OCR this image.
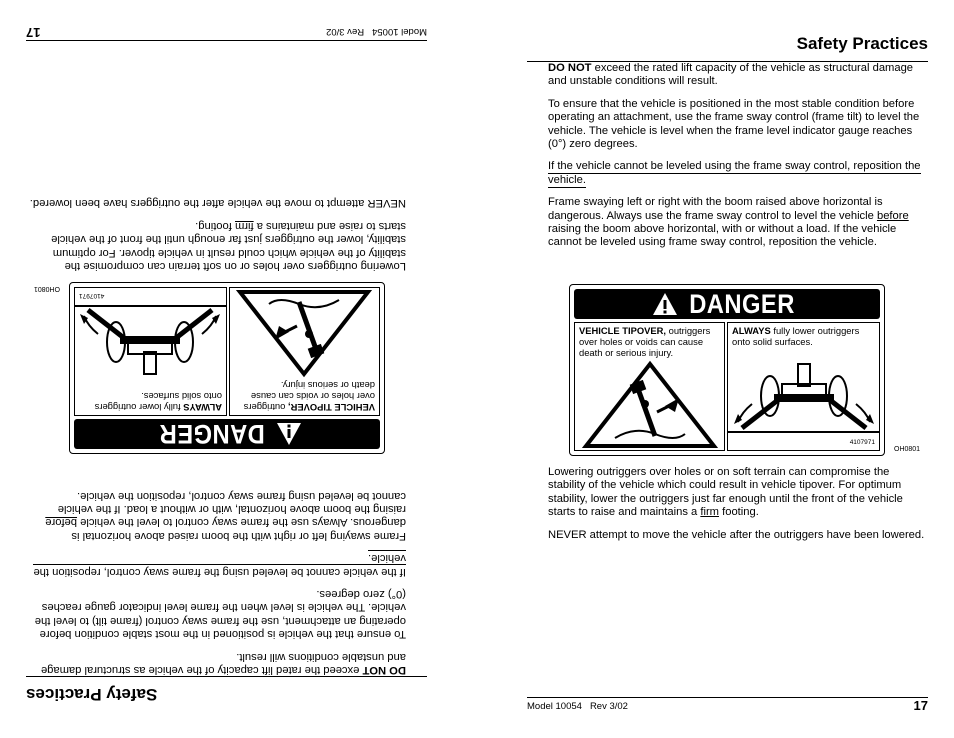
Safety Practices

DO NOT exceed the rated lift capacity of the vehicle as structural damage and unstable conditions will result.

To ensure that the vehicle is positioned in the most stable condition before operating an attachment, use the frame sway control (frame tilt) to level the vehicle. The vehicle is level when the frame level indicator gauge reaches (0°) zero degrees.

If the vehicle cannot be leveled using the frame sway control, reposition the vehicle.

Frame swaying left or right with the boom raised above horizontal is dangerous. Always use the frame sway control to level the vehicle before raising the boom above horizontal, with or without a load. If the vehicle cannot be leveled using frame sway control, reposition the vehicle.

DANGER
VEHICLE TIPOVER, outriggers over holes or voids can cause death or serious injury.
ALWAYS fully lower outriggers onto solid surfaces.
4107971
OH0801

Lowering outriggers over holes or on soft terrain can compromise the stability of the vehicle which could result in vehicle tipover. For optimum stability, lower the outriggers just far enough until the front of the vehicle starts to raise and maintains a firm footing.

NEVER attempt to move the vehicle after the outriggers have been lowered.

Model 10054Rev 3/02
17
Safety Practices

DO NOT exceed the rated lift capacity of the vehicle as structural damage and unstable conditions will result.

To ensure that the vehicle is positioned in the most stable condition before operating an attachment, use the frame sway control (frame tilt) to level the vehicle. The vehicle is level when the frame level indicator gauge reaches (0°) zero degrees.

If the vehicle cannot be leveled using the frame sway control, reposition the vehicle.

Frame swaying left or right with the boom raised above horizontal is dangerous. Always use the frame sway control to level the vehicle before raising the boom above horizontal, with or without a load. If the vehicle cannot be leveled using frame sway control, reposition the vehicle.

DANGER
VEHICLE TIPOVER, outriggers over holes or voids can cause death or serious injury.
ALWAYS fully lower outriggers onto solid surfaces.
4107971
OH0801

Lowering outriggers over holes or on soft terrain can compromise the stability of the vehicle which could result in vehicle tipover. For optimum stability, lower the outriggers just far enough until the front of the vehicle starts to raise and maintains a firm footing.

NEVER attempt to move the vehicle after the outriggers have been lowered.

Model 10054 Rev 3/02	17
